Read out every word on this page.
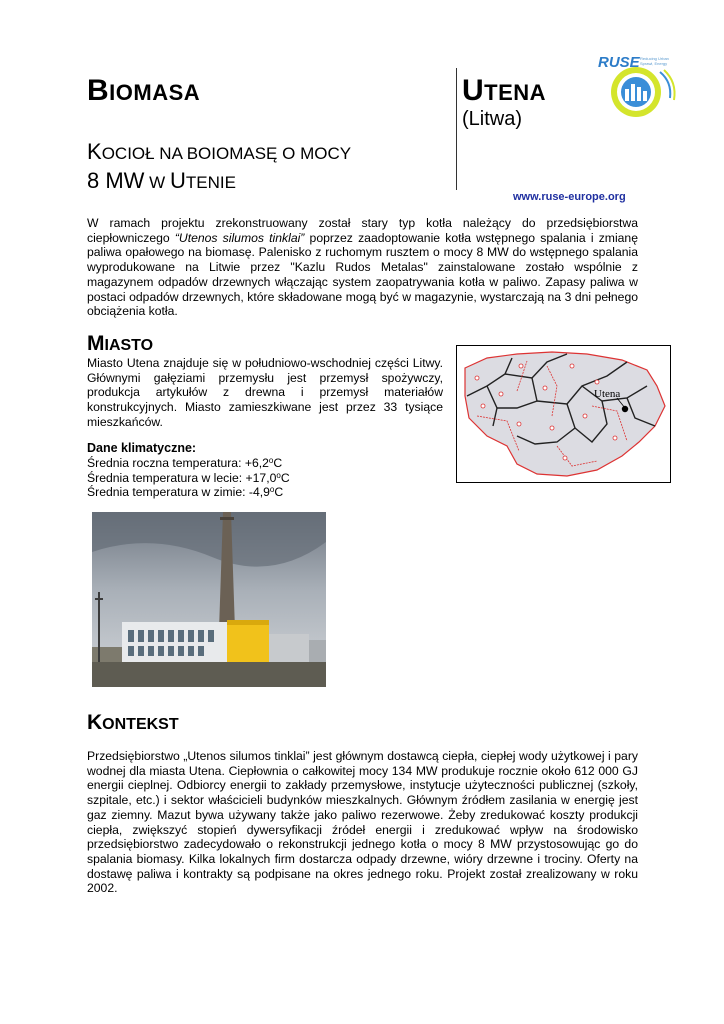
BIOMASA
KOCIOŁ NA BOIOMASĘ O MOCY
8 MW W UTENIE
UTENA
(Litwa)
www.ruse-europe.org
RUSE Reducing Urban Sprawl, Energy
W ramach projektu zrekonstruowany został stary typ kotła należący do przedsiębiorstwa ciepłowniczego “Utenos silumos tinklai” poprzez zaadoptowanie kotła wstępnego spalania i zmianę paliwa opałowego na biomasę. Palenisko z ruchomym rusztem o mocy 8 MW do wstępnego spalania wyprodukowane na Litwie przez "Kazlu Rudos Metalas" zainstalowane zostało wspólnie z magazynem odpadów drzewnych włączając system zaopatrywania kotła w paliwo. Zapasy paliwa w postaci odpadów drzewnych, które składowane mogą być w magazynie, wystarczają na 3 dni pełnego obciążenia kotła.
MIASTO
Miasto Utena znajduje się w południowo-wschodniej części Litwy. Głównymi gałęziami przemysłu jest przemysł spożywczy, produkcja artykułów z drewna i przemysł materiałów konstrukcyjnych. Miasto zamieszkiwane jest przez 33 tysiące mieszkańców.
Dane klimatyczne:
Średnia roczna temperatura: $+6,2^oC$
Średnia temperatura w lecie: $+17,0^oC$
Średnia temperatura w zimie: -4,9$^o$C
Utena
KONTEKST
Przedsiębiorstwo „Utenos silumos tinklai” jest głównym dostawcą ciepła, ciepłej wody użytkowej i pary wodnej dla miasta Utena. Ciepłownia o całkowitej mocy 134 MW produkuje rocznie około 612 000 GJ energii cieplnej. Odbiorcy energii to zakłady przemysłowe, instytucje użyteczności publicznej (szkoły, szpitale, etc.) i sektor właścicieli budynków mieszkalnych. Głównym źródłem zasilania w energię jest gaz ziemny. Mazut bywa używany także jako paliwo rezerwowe. Żeby zredukować koszty produkcji ciepła, zwiększyć stopień dywersyfikacji źródeł energii i zredukować wpływ na środowisko przedsiębiorstwo zadecydowało o rekonstrukcji jednego kotła o mocy 8 MW przystosowując go do spalania biomasy. Kilka lokalnych firm dostarcza odpady drzewne, wióry drzewne i trociny. Oferty na dostawę paliwa i kontrakty są podpisane na okres jednego roku. Projekt został zrealizowany w roku 2002.
